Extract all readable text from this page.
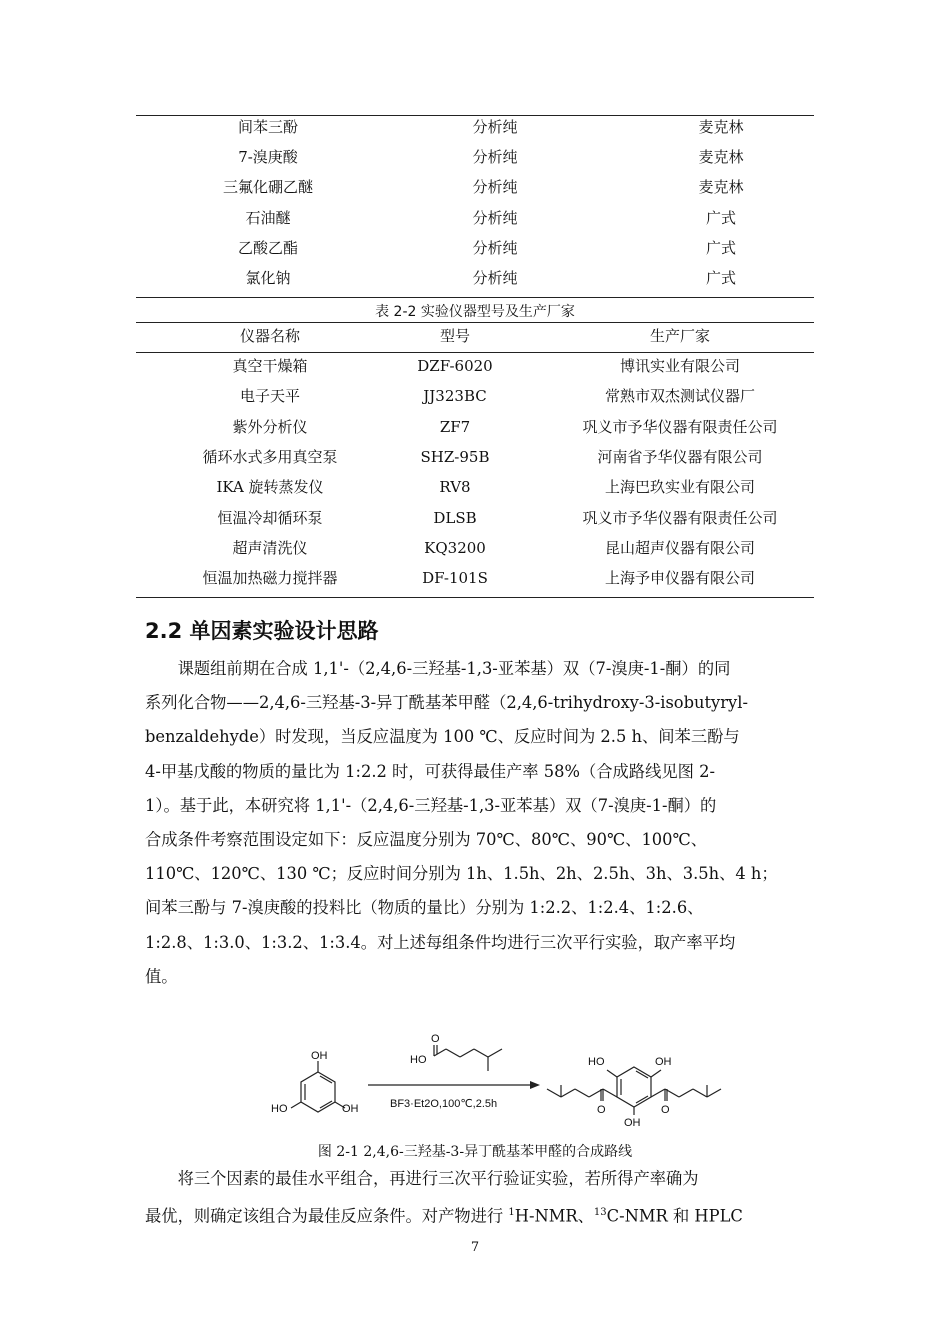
间苯三酚	分析纯	麦克林
7-溴庚酸	分析纯	麦克林
三氟化硼乙醚	分析纯	麦克林
石油醚	分析纯	广式
乙酸乙酯	分析纯	广式
氯化钠	分析纯	广式
表 2-2 实验仪器型号及生产厂家
仪器名称	型号	生产厂家
真空干燥箱	DZF-6020	博讯实业有限公司
电子天平	JJ323BC	常熟市双杰测试仪器厂
紫外分析仪	ZF7	巩义市予华仪器有限责任公司
循环水式多用真空泵	SHZ-95B	河南省予华仪器有限公司
IKA 旋转蒸发仪	RV8	上海巴玖实业有限公司
恒温冷却循环泵	DLSB	巩义市予华仪器有限责任公司
超声清洗仪	KQ3200	昆山超声仪器有限公司
恒温加热磁力搅拌器	DF-101S	上海予申仪器有限公司
2.2 单因素实验设计思路
　　课题组前期在合成 1,1'-（2,4,6-三羟基-1,3-亚苯基）双（7-溴庚-1-酮）的同
系列化合物——2,4,6-三羟基-3-异丁酰基苯甲醛（2,4,6-trihydroxy-3-isobutyryl-
benzaldehyde）时发现，当反应温度为 100 ℃、反应时间为 2.5 h、间苯三酚与
4-甲基戊酸的物质的量比为 1:2.2 时，可获得最佳产率 58%（合成路线见图 2-
1）。基于此，本研究将 1,1'-（2,4,6-三羟基-1,3-亚苯基）双（7-溴庚-1-酮）的
合成条件考察范围设定如下：反应温度分别为 70℃、80℃、90℃、100℃、
110℃、120℃、130 ℃；反应时间分别为 1h、1.5h、2h、2.5h、3h、3.5h、4 h；
间苯三酚与 7-溴庚酸的投料比（物质的量比）分别为 1:2.2、1:2.4、1:2.6、
1:2.8、1:3.0、1:3.2、1:3.4。对上述每组条件均进行三次平行实验，取产率平均
值。
OH
HO	OH
O
HO	HO	OH
OH
O	O
BF3·Et2O,100℃,2.5h
图 2-1 2,4,6-三羟基-3-异丁酰基苯甲醛的合成路线
　　将三个因素的最佳水平组合，再进行三次平行验证实验，若所得产率确为
最优，则确定该组合为最佳反应条件。对产物进行 $^1$H-NMR、$^{13}$C-NMR 和 HPLC
7
